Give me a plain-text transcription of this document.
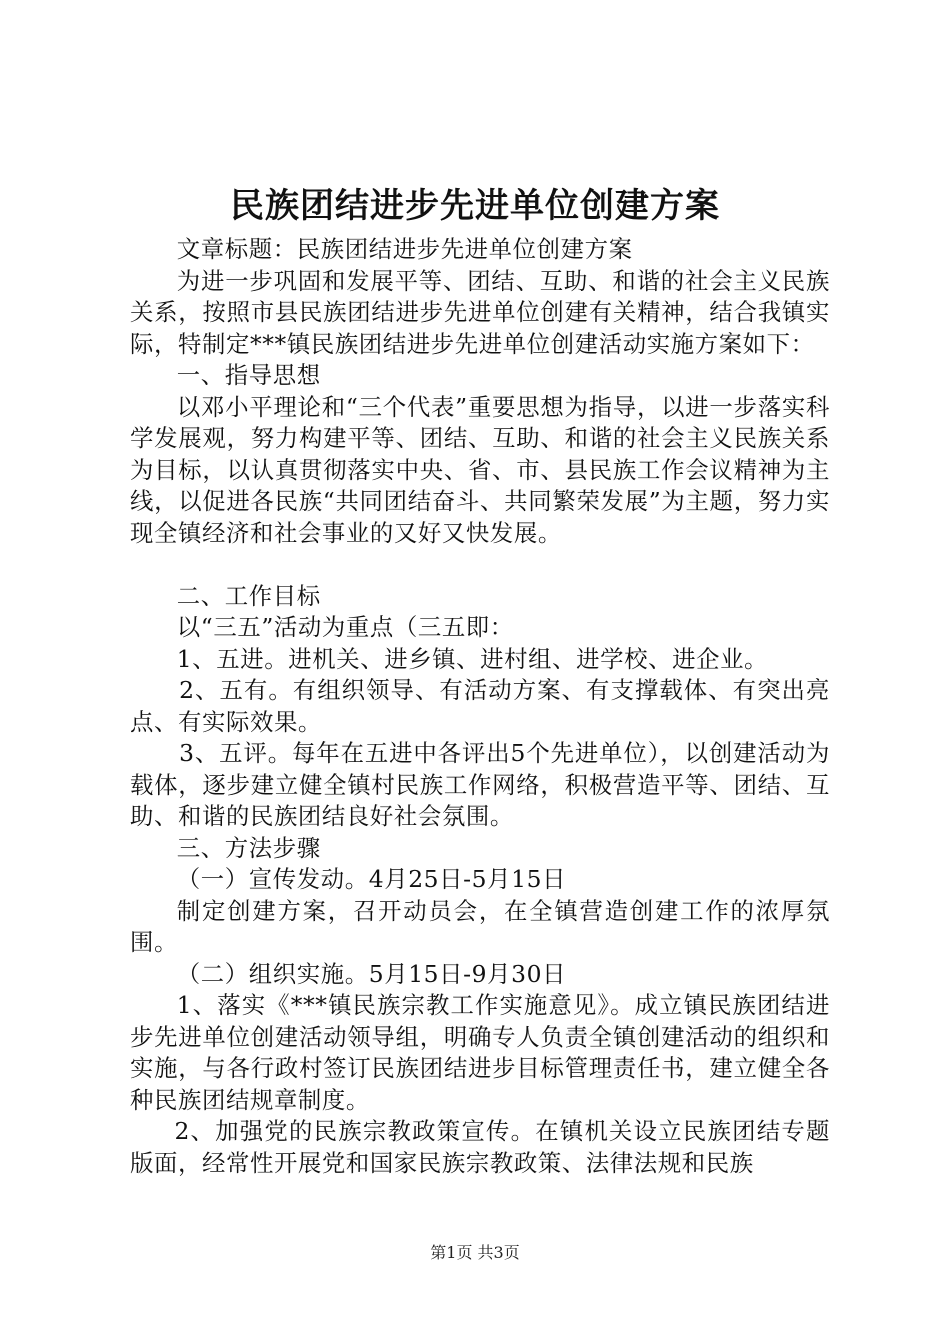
民族团结进步先进单位创建方案

文章标题：民族团结进步先进单位创建方案

为进一步巩固和发展平等、团结、互助、和谐的社会主义民族关系，按照市县民族团结进步先进单位创建有关精神，结合我镇实际，特制定***镇民族团结进步先进单位创建活动实施方案如下：

一、指导思想

以邓小平理论和“三个代表”重要思想为指导，以进一步落实科学发展观，努力构建平等、团结、互助、和谐的社会主义民族关系为目标，以认真贯彻落实中央、省、市、县民族工作会议精神为主线，以促进各民族“共同团结奋斗、共同繁荣发展”为主题，努力实现全镇经济和社会事业的又好又快发展。

二、工作目标

以“三五”活动为重点（三五即：

1、五进。进机关、进乡镇、进村组、进学校、进企业。

2、五有。有组织领导、有活动方案、有支撑载体、有突出亮点、有实际效果。

3、五评。每年在五进中各评出5个先进单位），以创建活动为载体，逐步建立健全镇村民族工作网络，积极营造平等、团结、互助、和谐的民族团结良好社会氛围。

三、方法步骤

（一）宣传发动。4月25日-5月15日

制定创建方案，召开动员会，在全镇营造创建工作的浓厚氛围。

（二）组织实施。5月15日-9月30日

1、落实《***镇民族宗教工作实施意见》。成立镇民族团结进步先进单位创建活动领导组，明确专人负责全镇创建活动的组织和实施，与各行政村签订民族团结进步目标管理责任书，建立健全各种民族团结规章制度。

2、加强党的民族宗教政策宣传。在镇机关设立民族团结专题版面，经常性开展党和国家民族宗教政策、法律法规和民族

第1页 共3页
